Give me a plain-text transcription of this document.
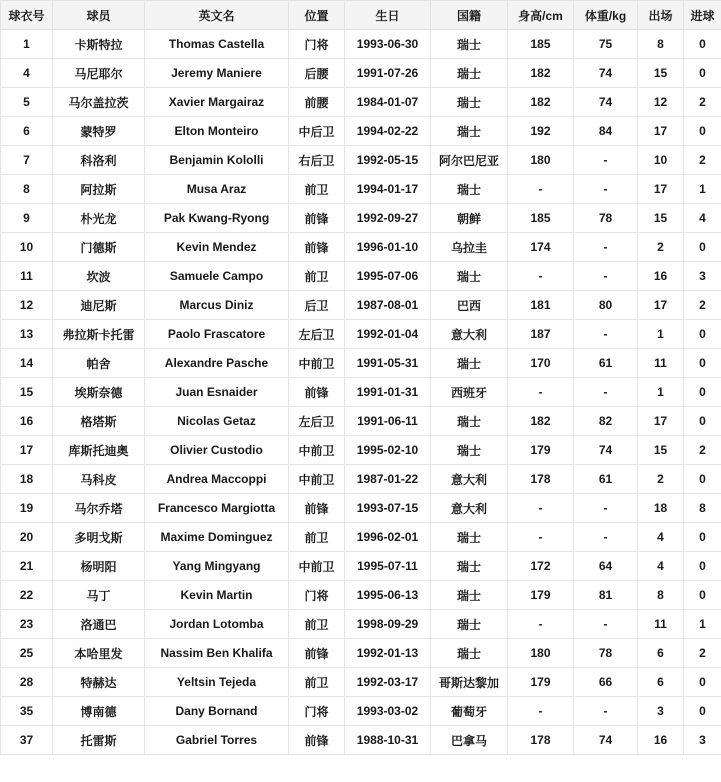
球衣号	球员	英文名	位置	生日	国籍	身高/cm	体重/kg	出场	进球
1	卡斯特拉	Thomas Castella	门将	1993-06-30	瑞士	185	75	8	0
4	马尼耶尔	Jeremy Maniere	后腰	1991-07-26	瑞士	182	74	15	0
5	马尔盖拉茨	Xavier Margairaz	前腰	1984-01-07	瑞士	182	74	12	2
6	蒙特罗	Elton Monteiro	中后卫	1994-02-22	瑞士	192	84	17	0
7	科洛利	Benjamin Kololli	右后卫	1992-05-15	阿尔巴尼亚	180	-	10	2
8	阿拉斯	Musa Araz	前卫	1994-01-17	瑞士	-	-	17	1
9	朴光龙	Pak Kwang-Ryong	前锋	1992-09-27	朝鲜	185	78	15	4
10	门德斯	Kevin Mendez	前锋	1996-01-10	乌拉圭	174	-	2	0
11	坎波	Samuele Campo	前卫	1995-07-06	瑞士	-	-	16	3
12	迪尼斯	Marcus Diniz	后卫	1987-08-01	巴西	181	80	17	2
13	弗拉斯卡托雷	Paolo Frascatore	左后卫	1992-01-04	意大利	187	-	1	0
14	帕舍	Alexandre Pasche	中前卫	1991-05-31	瑞士	170	61	11	0
15	埃斯奈德	Juan Esnaider	前锋	1991-01-31	西班牙	-	-	1	0
16	格塔斯	Nicolas Getaz	左后卫	1991-06-11	瑞士	182	82	17	0
17	库斯托迪奥	Olivier Custodio	中前卫	1995-02-10	瑞士	179	74	15	2
18	马科皮	Andrea Maccoppi	中前卫	1987-01-22	意大利	178	61	2	0
19	马尔乔塔	Francesco Margiotta	前锋	1993-07-15	意大利	-	-	18	8
20	多明戈斯	Maxime Dominguez	前卫	1996-02-01	瑞士	-	-	4	0
21	杨明阳	Yang Mingyang	中前卫	1995-07-11	瑞士	172	64	4	0
22	马丁	Kevin Martin	门将	1995-06-13	瑞士	179	81	8	0
23	洛通巴	Jordan Lotomba	前卫	1998-09-29	瑞士	-	-	11	1
25	本哈里发	Nassim Ben Khalifa	前锋	1992-01-13	瑞士	180	78	6	2
28	特赫达	Yeltsin Tejeda	前卫	1992-03-17	哥斯达黎加	179	66	6	0
35	博南德	Dany Bornand	门将	1993-03-02	葡萄牙	-	-	3	0
37	托雷斯	Gabriel Torres	前锋	1988-10-31	巴拿马	178	74	16	3
